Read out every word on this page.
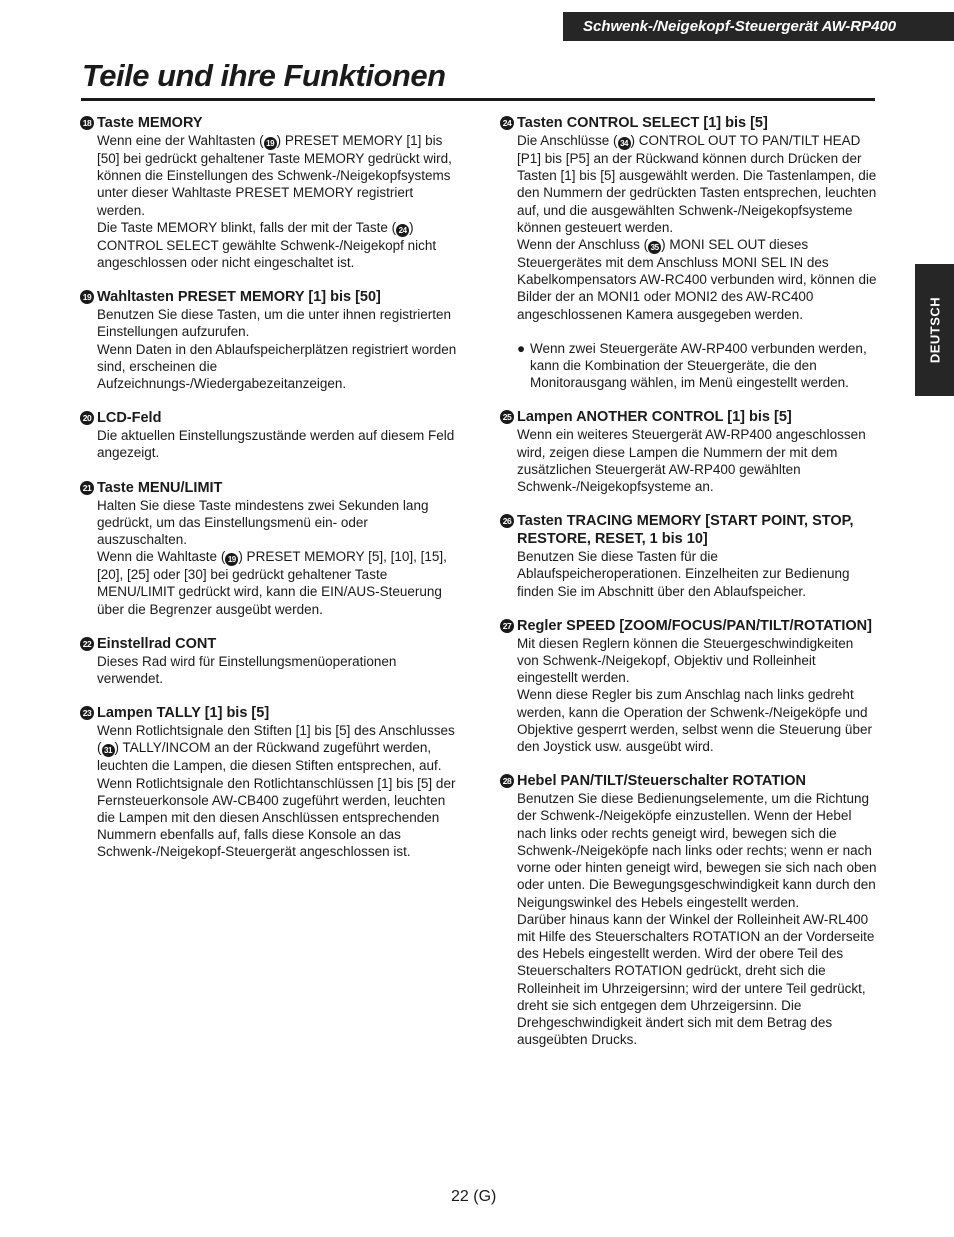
Schwenk-/Neigekopf-Steuergerät AW-RP400
Teile und ihre Funktionen
DEUTSCH
18 Taste MEMORY

Wenn eine der Wahltasten ( 19 ) PRESET MEMORY [1] bis [50] bei gedrückt gehaltener Taste MEMORY gedrückt wird, können die Einstellungen des Schwenk-/Neigekopfsystems unter dieser Wahltaste PRESET MEMORY registriert werden.

Die Taste MEMORY blinkt, falls der mit der Taste ( 24 ) CONTROL SELECT gewählte Schwenk-/Neigekopf nicht angeschlossen oder nicht eingeschaltet ist.

19 Wahltasten PRESET MEMORY [1] bis [50]

Benutzen Sie diese Tasten, um die unter ihnen registrierten Einstellungen aufzurufen.

Wenn Daten in den Ablaufspeicherplätzen registriert worden sind, erscheinen die Aufzeichnungs-/Wiedergabezeitanzeigen.

20 LCD-Feld

Die aktuellen Einstellungszustände werden auf diesem Feld angezeigt.

21 Taste MENU/LIMIT

Halten Sie diese Taste mindestens zwei Sekunden lang gedrückt, um das Einstellungsmenü ein- oder auszuschalten.

Wenn die Wahltaste ( 19 ) PRESET MEMORY [5], [10], [15], [20], [25] oder [30] bei gedrückt gehaltener Taste MENU/LIMIT gedrückt wird, kann die EIN/AUS-Steuerung über die Begrenzer ausgeübt werden.

22 Einstellrad CONT

Dieses Rad wird für Einstellungsmenüoperationen verwendet.

23 Lampen TALLY [1] bis [5]

Wenn Rotlichtsignale den Stiften [1] bis [5] des Anschlusses ( 31 ) TALLY/INCOM an der Rückwand zugeführt werden, leuchten die Lampen, die diesen Stiften entsprechen, auf.

Wenn Rotlichtsignale den Rotlichtanschlüssen [1] bis [5] der Fernsteuerkonsole AW-CB400 zugeführt werden, leuchten die Lampen mit den diesen Anschlüssen entsprechenden Nummern ebenfalls auf, falls diese Konsole an das Schwenk-/Neigekopf-Steuergerät angeschlossen ist.

24 Tasten CONTROL SELECT [1] bis [5]

Die Anschlüsse ( 34 ) CONTROL OUT TO PAN/TILT HEAD [P1] bis [P5] an der Rückwand können durch Drücken der Tasten [1] bis [5] ausgewählt werden. Die Tastenlampen, die den Nummern der gedrückten Tasten entsprechen, leuchten auf, und die ausgewählten Schwenk-/Neigekopfsysteme können gesteuert werden.

Wenn der Anschluss ( 35 ) MONI SEL OUT dieses Steuergerätes mit dem Anschluss MONI SEL IN des Kabelkompensators AW-RC400 verbunden wird, können die Bilder der an MONI1 oder MONI2 des AW-RC400 angeschlossenen Kamera ausgegeben werden.

● Wenn zwei Steuergeräte AW-RP400 verbunden werden, kann die Kombination der Steuergeräte, die den Monitorausgang wählen, im Menü eingestellt werden.
25 Lampen ANOTHER CONTROL [1] bis [5]

Wenn ein weiteres Steuergerät AW-RP400 angeschlossen wird, zeigen diese Lampen die Nummern der mit dem zusätzlichen Steuergerät AW-RP400 gewählten Schwenk-/Neigekopfsysteme an.

26 Tasten TRACING MEMORY [START POINT, STOP, RESTORE, RESET, 1 bis 10]

Benutzen Sie diese Tasten für die Ablaufspeicheroperationen. Einzelheiten zur Bedienung finden Sie im Abschnitt über den Ablaufspeicher.

27 Regler SPEED [ZOOM/FOCUS/PAN/TILT/ROTATION]

Mit diesen Reglern können die Steuergeschwindigkeiten von Schwenk-/Neigekopf, Objektiv und Rolleinheit eingestellt werden.

Wenn diese Regler bis zum Anschlag nach links gedreht werden, kann die Operation der Schwenk-/Neigeköpfe und Objektive gesperrt werden, selbst wenn die Steuerung über den Joystick usw. ausgeübt wird.

28 Hebel PAN/TILT/Steuerschalter ROTATION

Benutzen Sie diese Bedienungselemente, um die Richtung der Schwenk-/Neigeköpfe einzustellen. Wenn der Hebel nach links oder rechts geneigt wird, bewegen sich die Schwenk-/Neigeköpfe nach links oder rechts; wenn er nach vorne oder hinten geneigt wird, bewegen sie sich nach oben oder unten. Die Bewegungsgeschwindigkeit kann durch den Neigungswinkel des Hebels eingestellt werden.

Darüber hinaus kann der Winkel der Rolleinheit AW-RL400 mit Hilfe des Steuerschalters ROTATION an der Vorderseite des Hebels eingestellt werden. Wird der obere Teil des Steuerschalters ROTATION gedrückt, dreht sich die Rolleinheit im Uhrzeigersinn; wird der untere Teil gedrückt, dreht sie sich entgegen dem Uhrzeigersinn. Die Drehgeschwindigkeit ändert sich mit dem Betrag des ausgeübten Drucks.

22 (G)
